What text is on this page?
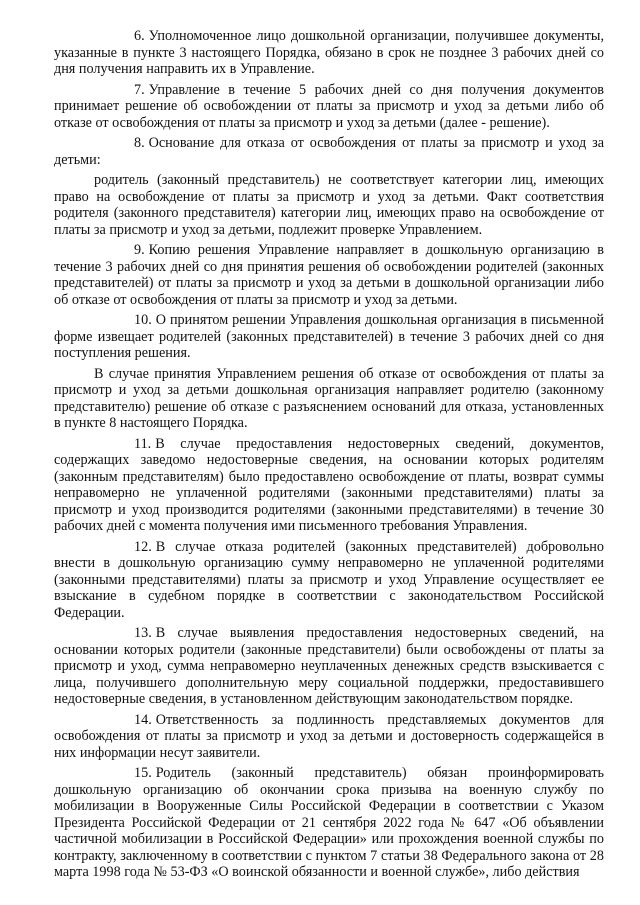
6. Уполномоченное лицо дошкольной организации, получившее документы, указанные в пункте 3 настоящего Порядка, обязано в срок не позднее 3 рабочих дней со дня получения направить их в Управление.

7. Управление в течение 5 рабочих дней со дня получения документов принимает решение об освобождении от платы за присмотр и уход за детьми либо об отказе от освобождения от платы за присмотр и уход за детьми (далее - решение).

8. Основание для отказа от освобождения от платы за присмотр и уход за детьми:

родитель (законный представитель) не соответствует категории лиц, имеющих право на освобождение от платы за присмотр и уход за детьми. Факт соответствия родителя (законного представителя) категории лиц, имеющих право на освобождение от платы за присмотр и уход за детьми, подлежит проверке Управлением.

9. Копию решения Управление направляет в дошкольную организацию в течение 3 рабочих дней со дня принятия решения об освобождении родителей (законных представителей) от платы за присмотр и уход за детьми в дошкольной организации либо об отказе от освобождения от платы за присмотр и уход за детьми.

10. О принятом решении Управления дошкольная организация в письменной форме извещает родителей (законных представителей) в течение 3 рабочих дней со дня поступления решения.

В случае принятия Управлением решения об отказе от освобождения от платы за присмотр и уход за детьми дошкольная организация направляет родителю (законному представителю) решение об отказе с разъяснением оснований для отказа, установленных в пункте 8 настоящего Порядка.

11. В случае предоставления недостоверных сведений, документов, содержащих заведомо недостоверные сведения, на основании которых родителям (законным представителям) было предоставлено освобождение от платы, возврат суммы неправомерно не уплаченной родителями (законными представителями) платы за присмотр и уход производится родителями (законными представителями) в течение 30 рабочих дней с момента получения ими письменного требования Управления.

12. В случае отказа родителей (законных представителей) добровольно внести в дошкольную организацию сумму неправомерно не уплаченной родителями (законными представителями) платы за присмотр и уход Управление осуществляет ее взыскание в судебном порядке в соответствии с законодательством Российской Федерации.

13. В случае выявления предоставления недостоверных сведений, на основании которых родители (законные представители) были освобождены от платы за присмотр и уход, сумма неправомерно неуплаченных денежных средств взыскивается с лица, получившего дополнительную меру социальной поддержки, предоставившего недостоверные сведения, в установленном действующим законодательством порядке.

14. Ответственность за подлинность представляемых документов для освобождения от платы за присмотр и уход за детьми и достоверность содержащейся в них информации несут заявители.

15. Родитель (законный представитель) обязан проинформировать дошкольную организацию об окончании срока призыва на военную службу по мобилизации в Вооруженные Силы Российской Федерации в соответствии с Указом Президента Российской Федерации от 21 сентября 2022 года № 647 «Об объявлении частичной мобилизации в Российской Федерации» или прохождения военной службы по контракту, заключенному в соответствии с пунктом 7 статьи 38 Федерального закона от 28 марта 1998 года № 53-ФЗ «О воинской обязанности и военной службе», либо действия
